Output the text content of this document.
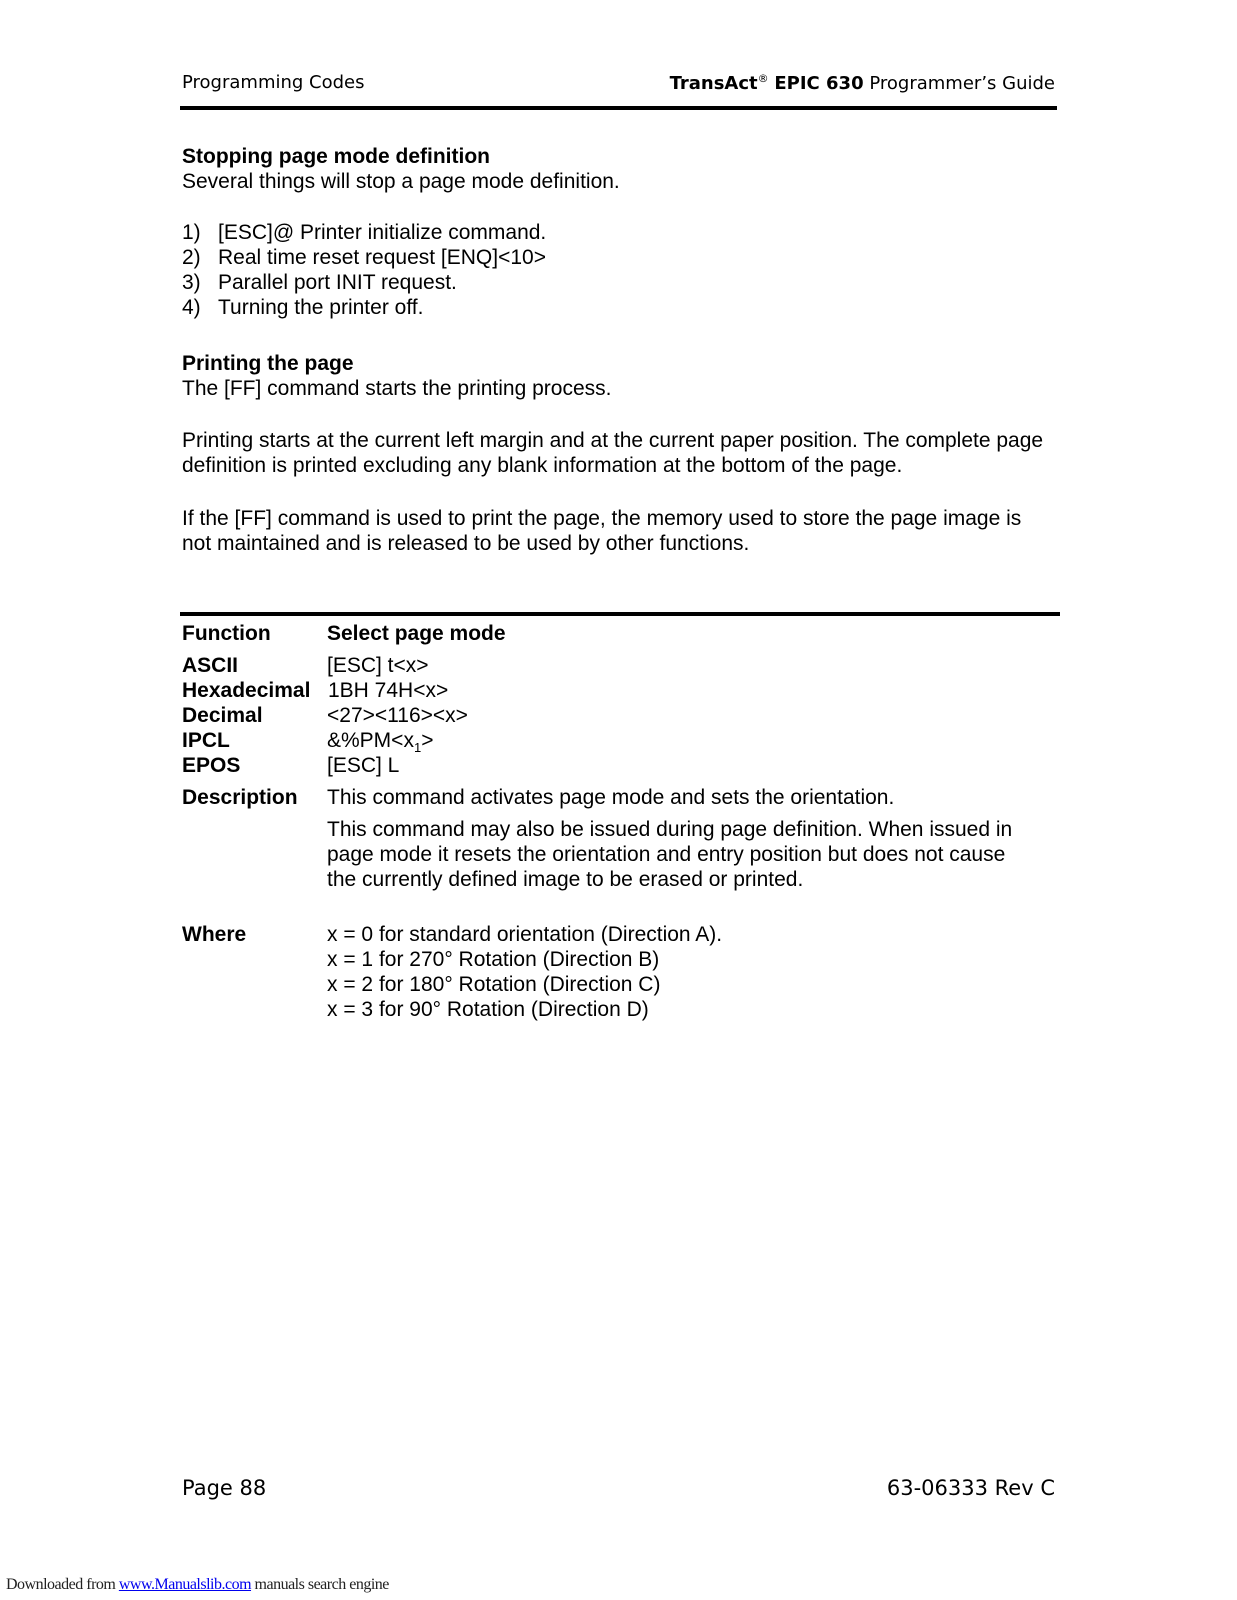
Programming Codes	TransAct® EPIC 630 Programmer’s Guide
Stopping page mode definition
Several things will stop a page mode definition.
1) [ESC]@ Printer initialize command.
2) Real time reset request [ENQ]<10>
3) Parallel port INIT request.
4) Turning the printer off.
Printing the page
The [FF] command starts the printing process.
Printing starts at the current left margin and at the current paper position. The complete page definition is printed excluding any blank information at the bottom of the page.
If the [FF] command is used to print the page, the memory used to store the page image is not maintained and is released to be used by other functions.
Function	Select page mode
ASCII	[ESC] t<x>
Hexadecimal 1BH 74H<x>
Decimal	<27><116><x>
IPCL	$\&\%PM<x_1>$
EPOS	[ESC] L
Description This command activates page mode and sets the orientation.
This command may also be issued during page definition. When issued in page mode it resets the orientation and entry position but does not cause the currently defined image to be erased or printed.
Where	x = 0 for standard orientation (Direction A).
x = 1 for 270° Rotation (Direction B)
x = 2 for 180° Rotation (Direction C)
x = 3 for 90° Rotation (Direction D)
Page 88	63-06333 Rev C
Downloaded from www.Manualslib.com manuals search engine
